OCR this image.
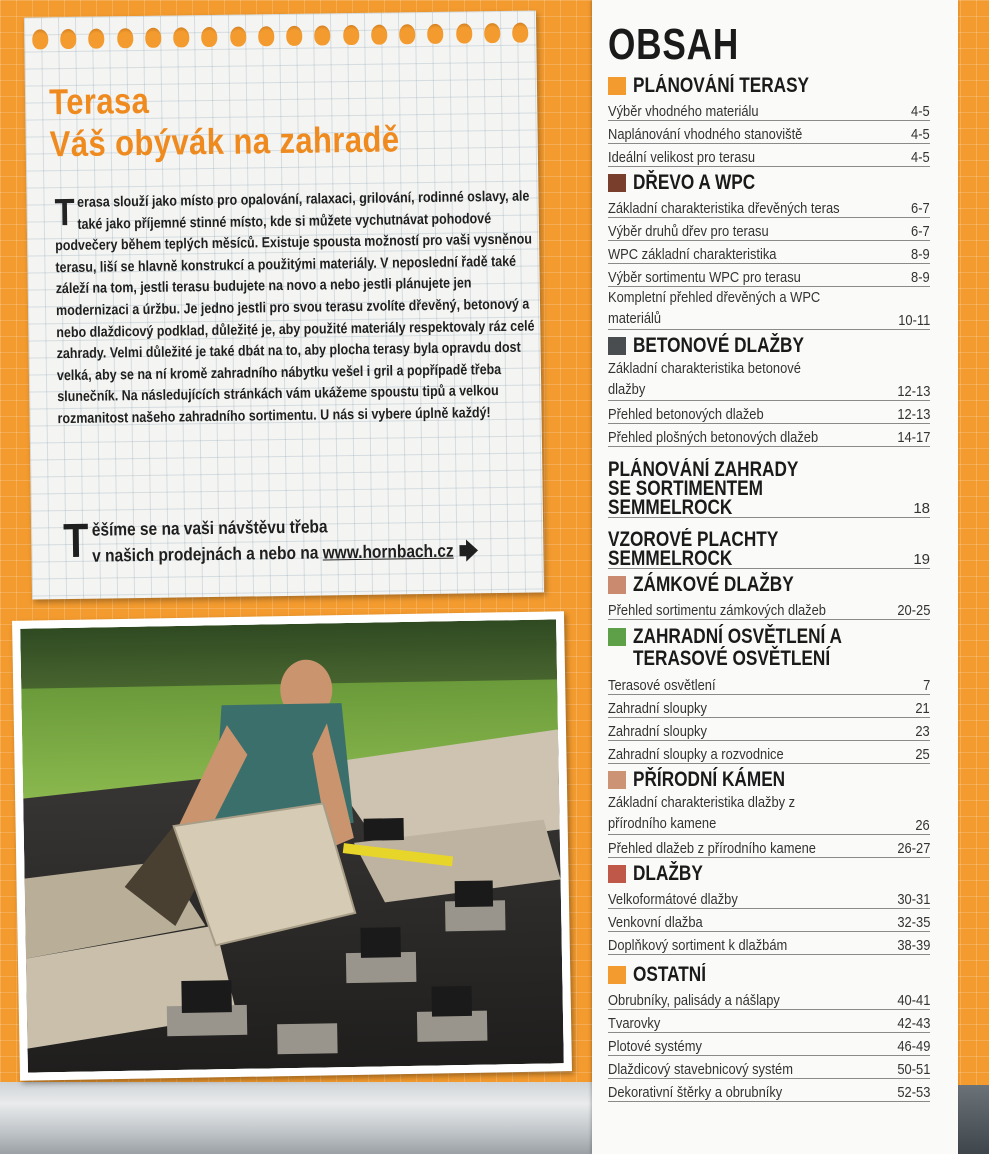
Terasa
Váš obývák na zahradě

Terasa slouží jako místo pro opalování, ralaxaci, grilování, rodinné oslavy, ale také jako příjemné stinné místo, kde si můžete vychutnávat pohodové podvečery během teplých měsíců. Existuje spousta možností pro vaši vysněnou terasu, liší se hlavně konstrukcí a použitými materiály. V neposlední řadě také záleží na tom, jestli terasu budujete na novo a nebo jestli plánujete jen modernizaci a úržbu. Je jedno jestli pro svou terasu zvolíte dřevěný, betonový a nebo dlaždicový podklad, důležité je, aby použité materiály respektovaly ráz celé zahrady. Velmi důležité je také dbát na to, aby plocha terasy byla opravdu dost velká, aby se na ní kromě zahradního nábytku vešel i gril a popřípadě třeba slunečník. Na následujících stránkách vám ukážeme spoustu tipů a velkou rozmanitost našeho zahradního sortimentu. U nás si vybere úplně každý!

Těšíme se na vaši návštěvu třeba
v našich prodejnách a nebo na www.hornbach.cz 🡆

OBSAH
PLÁNOVÁNÍ TERASY
Výběr vhodného materiálu	4-5
Naplánování vhodného stanoviště	4-5
Ideální velikost pro terasu	4-5
DŘEVO A WPC
Základní charakteristika dřevěných teras	6-7
Výběr druhů dřev pro terasu	6-7
WPC základní charakteristika	8-9
Výběr sortimentu WPC pro terasu	8-9
Kompletní přehled dřevěných a WPC materiálů	10-11
BETONOVÉ DLAŽBY
Základní charakteristika betonové dlažby	12-13
Přehled betonových dlažeb	12-13
Přehled plošných betonových dlažeb	14-17
PLÁNOVÁNÍ ZAHRADY SE SORTIMENTEM SEMMELROCK	18
VZOROVÉ PLACHTY SEMMELROCK	19
ZÁMKOVÉ DLAŽBY
Přehled sortimentu zámkových dlažeb	20-25
ZAHRADNÍ OSVĚTLENÍ A TERASOVÉ OSVĚTLENÍ
Terasové osvětlení	7
Zahradní sloupky	21
Zahradní sloupky	23
Zahradní sloupky a rozvodnice	25
PŘÍRODNÍ KÁMEN
Základní charakteristika dlažby z přírodního kamene	26
Přehled dlažeb z přírodního kamene	26-27
DLAŽBY
Velkoformátové dlažby	30-31
Venkovní dlažba	32-35
Doplňkový sortiment k dlažbám	38-39
OSTATNÍ
Obrubníky, palisády a nášlapy	40-41
Tvarovky	42-43
Plotové systémy	46-49
Dlaždicový stavebnicový systém	50-51
Dekorativní štěrky a obrubníky	52-53
